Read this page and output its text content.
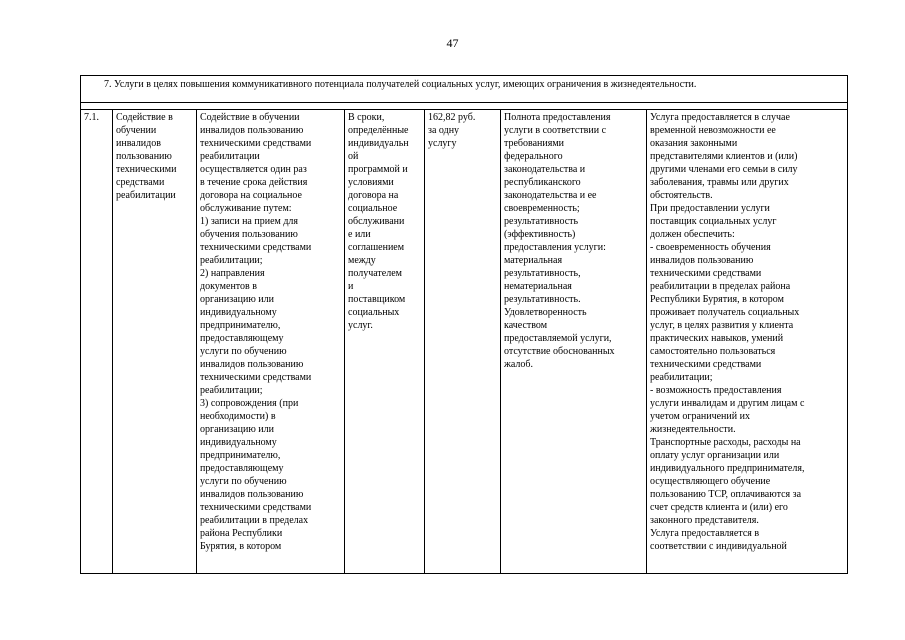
47
7. Услуги в целях повышения коммуникативного потенциала получателей социальных услуг, имеющих ограничения в жизнедеятельности.

7.1.	Содействие в
обучении
инвалидов
пользованию
техническими
средствами
реабилитации	Содействие в обучении
инвалидов пользованию
техническими средствами
реабилитации
осуществляется один раз
в течение срока действия
договора на социальное
обслуживание путем:
1) записи на прием для
обучения пользованию
техническими средствами
реабилитации;
2) направления
документов в
организацию или
индивидуальному
предпринимателю,
предоставляющему
услуги по обучению
инвалидов пользованию
техническими средствами
реабилитации;
3) сопровождения (при
необходимости) в
организацию или
индивидуальному
предпринимателю,
предоставляющему
услуги по обучению
инвалидов пользованию
техническими средствами
реабилитации в пределах
района Республики
Бурятия, в котором	В сроки,
определённые
индивидуальн
ой
программой и
условиями
договора на
социальное
обслуживани
е или
соглашением
между
получателем
и
поставщиком
социальных
услуг.	162,82 руб.
за одну
услугу	Полнота предоставления
услуги в соответствии с
требованиями
федерального
законодательства и
республиканского
законодательства и ее
своевременность;
результативность
(эффективность)
предоставления услуги:
материальная
результативность,
нематериальная
результативность.
Удовлетворенность
качеством
предоставляемой услуги,
отсутствие обоснованных
жалоб.	Услуга предоставляется в случае
временной невозможности ее
оказания законными
представителями клиентов и (или)
другими членами его семьи в силу
заболевания, травмы или других
обстоятельств.
При предоставлении услуги
поставщик социальных услуг
должен обеспечить:
- своевременность обучения
инвалидов пользованию
техническими средствами
реабилитации в пределах района
Республики Бурятия, в котором
проживает получатель социальных
услуг, в целях развития у клиента
практических навыков, умений
самостоятельно пользоваться
техническими средствами
реабилитации;
- возможность предоставления
услуги инвалидам и другим лицам с
учетом ограничений их
жизнедеятельности.
Транспортные расходы, расходы на
оплату услуг организации или
индивидуального предпринимателя,
осуществляющего обучение
пользованию ТСР, оплачиваются за
счет средств клиента и (или) его
законного представителя.
Услуга предоставляется в
соответствии с индивидуальной
